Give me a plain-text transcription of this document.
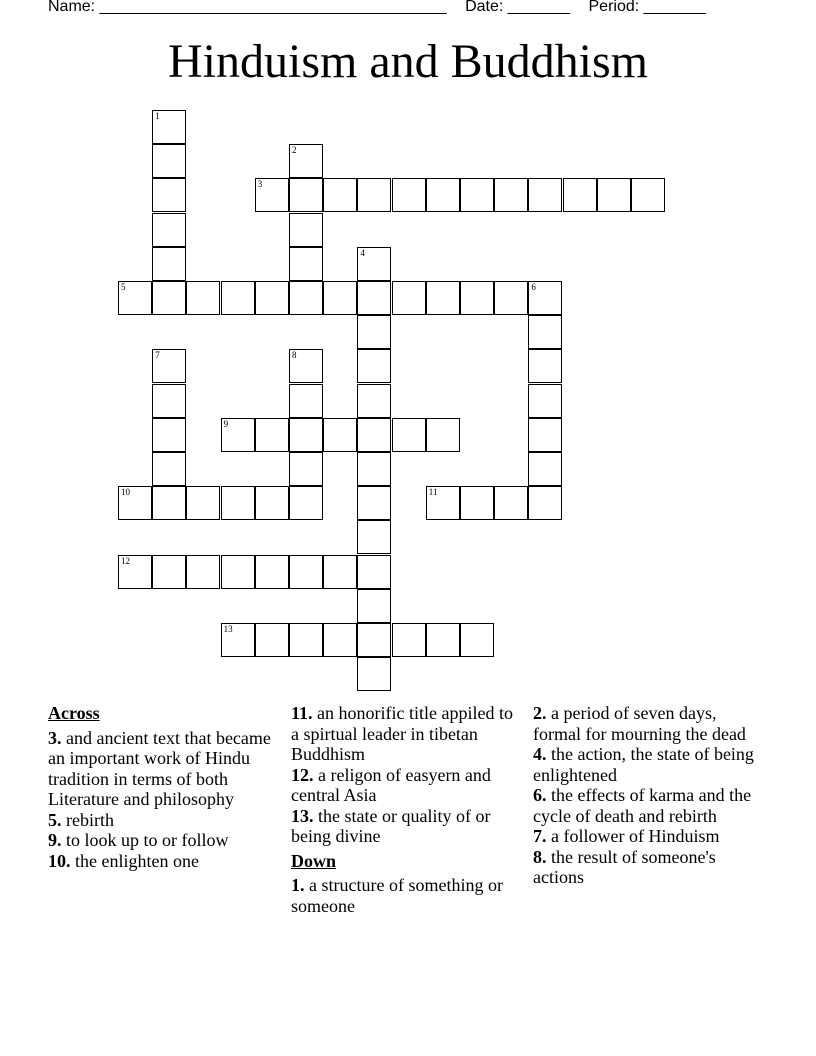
Name: _______________________________________ Date: _______ Period: _______
Hinduism and Buddhism
1
2
3
4
5	6
7	8
9
10	11
12
13
Across
3. and ancient text that became an important work of Hindu tradition in terms of both Literature and philosophy
5. rebirth
9. to look up to or follow
10. the enlighten one
11. an honorific title appiled to a spirtual leader in tibetan Buddhism
12. a religon of easyern and central Asia
13. the state or quality of or being divine
Down
1. a structure of something or someone
2. a period of seven days, formal for mourning the dead
4. the action, the state of being enlightened
6. the effects of karma and the cycle of death and rebirth
7. a follower of Hinduism
8. the result of someone's actions
